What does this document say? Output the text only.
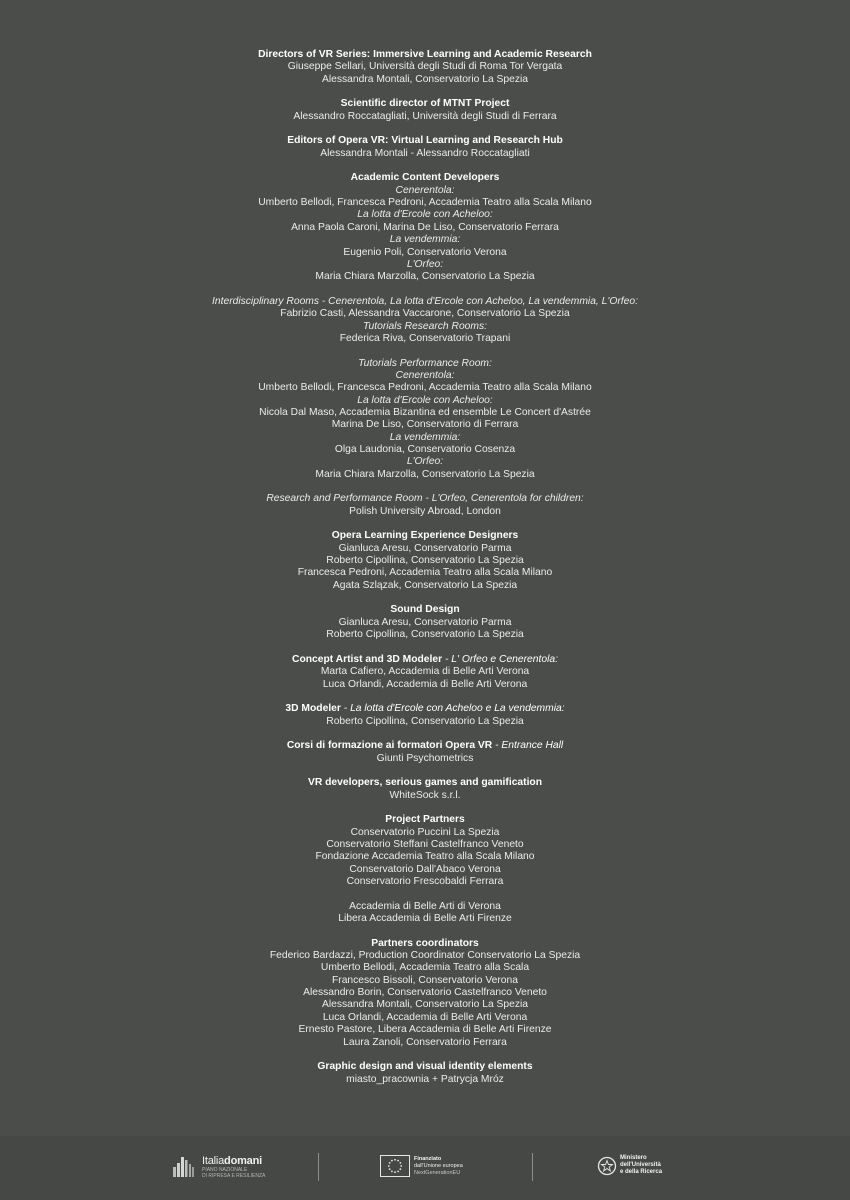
Directors of VR Series: Immersive Learning and Academic Research
Giuseppe Sellari, Università degli Studi di Roma Tor Vergata
Alessandra Montali, Conservatorio La Spezia
Scientific director of MTNT Project
Alessandro Roccatagliati, Università degli Studi di Ferrara
Editors of Opera VR: Virtual Learning and Research Hub
Alessandra Montali - Alessandro Roccatagliati
Academic Content Developers
Cenerentola:
Umberto Bellodi, Francesca Pedroni, Accademia Teatro alla Scala Milano
La lotta d'Ercole con Acheloo:
Anna Paola Caroni, Marina De Liso, Conservatorio Ferrara
La vendemmia:
Eugenio Poli, Conservatorio Verona
L'Orfeo:
Maria Chiara Marzolla, Conservatorio La Spezia
Interdisciplinary Rooms - Cenerentola, La lotta d'Ercole con Acheloo, La vendemmia, L'Orfeo:
Fabrizio Casti, Alessandra Vaccarone, Conservatorio La Spezia
Tutorials Research Rooms:
Federica Riva, Conservatorio Trapani
Tutorials Performance Room:
Cenerentola:
Umberto Bellodi, Francesca Pedroni, Accademia Teatro alla Scala Milano
La lotta d'Ercole con Acheloo:
Nicola Dal Maso, Accademia Bizantina ed ensemble Le Concert d'Astrée
Marina De Liso, Conservatorio di Ferrara
La vendemmia:
Olga Laudonia, Conservatorio Cosenza
L'Orfeo:
Maria Chiara Marzolla, Conservatorio La Spezia
Research and Performance Room - L'Orfeo, Cenerentola for children:
Polish University Abroad, London
Opera Learning Experience Designers
Gianluca Aresu, Conservatorio Parma
Roberto Cipollina, Conservatorio La Spezia
Francesca Pedroni, Accademia Teatro alla Scala Milano
Agata Szlązak, Conservatorio La Spezia
Sound Design
Gianluca Aresu, Conservatorio Parma
Roberto Cipollina, Conservatorio La Spezia
Concept Artist and 3D Modeler - L' Orfeo e Cenerentola:
Marta Cafiero, Accademia di Belle Arti Verona
Luca Orlandi, Accademia di Belle Arti Verona
3D Modeler - La lotta d'Ercole con Acheloo e La vendemmia:
Roberto Cipollina, Conservatorio La Spezia
Corsi di formazione ai formatori Opera VR - Entrance Hall
Giunti Psychometrics
VR developers, serious games and gamification
WhiteSock s.r.l.
Project Partners
Conservatorio Puccini La Spezia
Conservatorio Steffani Castelfranco Veneto
Fondazione Accademia Teatro alla Scala Milano
Conservatorio Dall'Abaco Verona
Conservatorio Frescobaldi Ferrara
Accademia di Belle Arti di Verona
Libera Accademia di Belle Arti Firenze
Partners coordinators
Federico Bardazzi, Production Coordinator Conservatorio La Spezia
Umberto Bellodi, Accademia Teatro alla Scala
Francesco Bissoli, Conservatorio Verona
Alessandro Borin, Conservatorio Castelfranco Veneto
Alessandra Montali, Conservatorio La Spezia
Luca Orlandi, Accademia di Belle Arti Verona
Ernesto Pastore, Libera Accademia di Belle Arti Firenze
Laura Zanoli, Conservatorio Ferrara
Graphic design and visual identity elements
miasto_pracownia + Patrycja Mróz
Italiadomani
PIANO NAZIONALE
DI RIPRESA E RESILIENZA
Finanziato
dall'Unione europea
NextGenerationEU
Ministero
dell'Università
e della Ricerca
